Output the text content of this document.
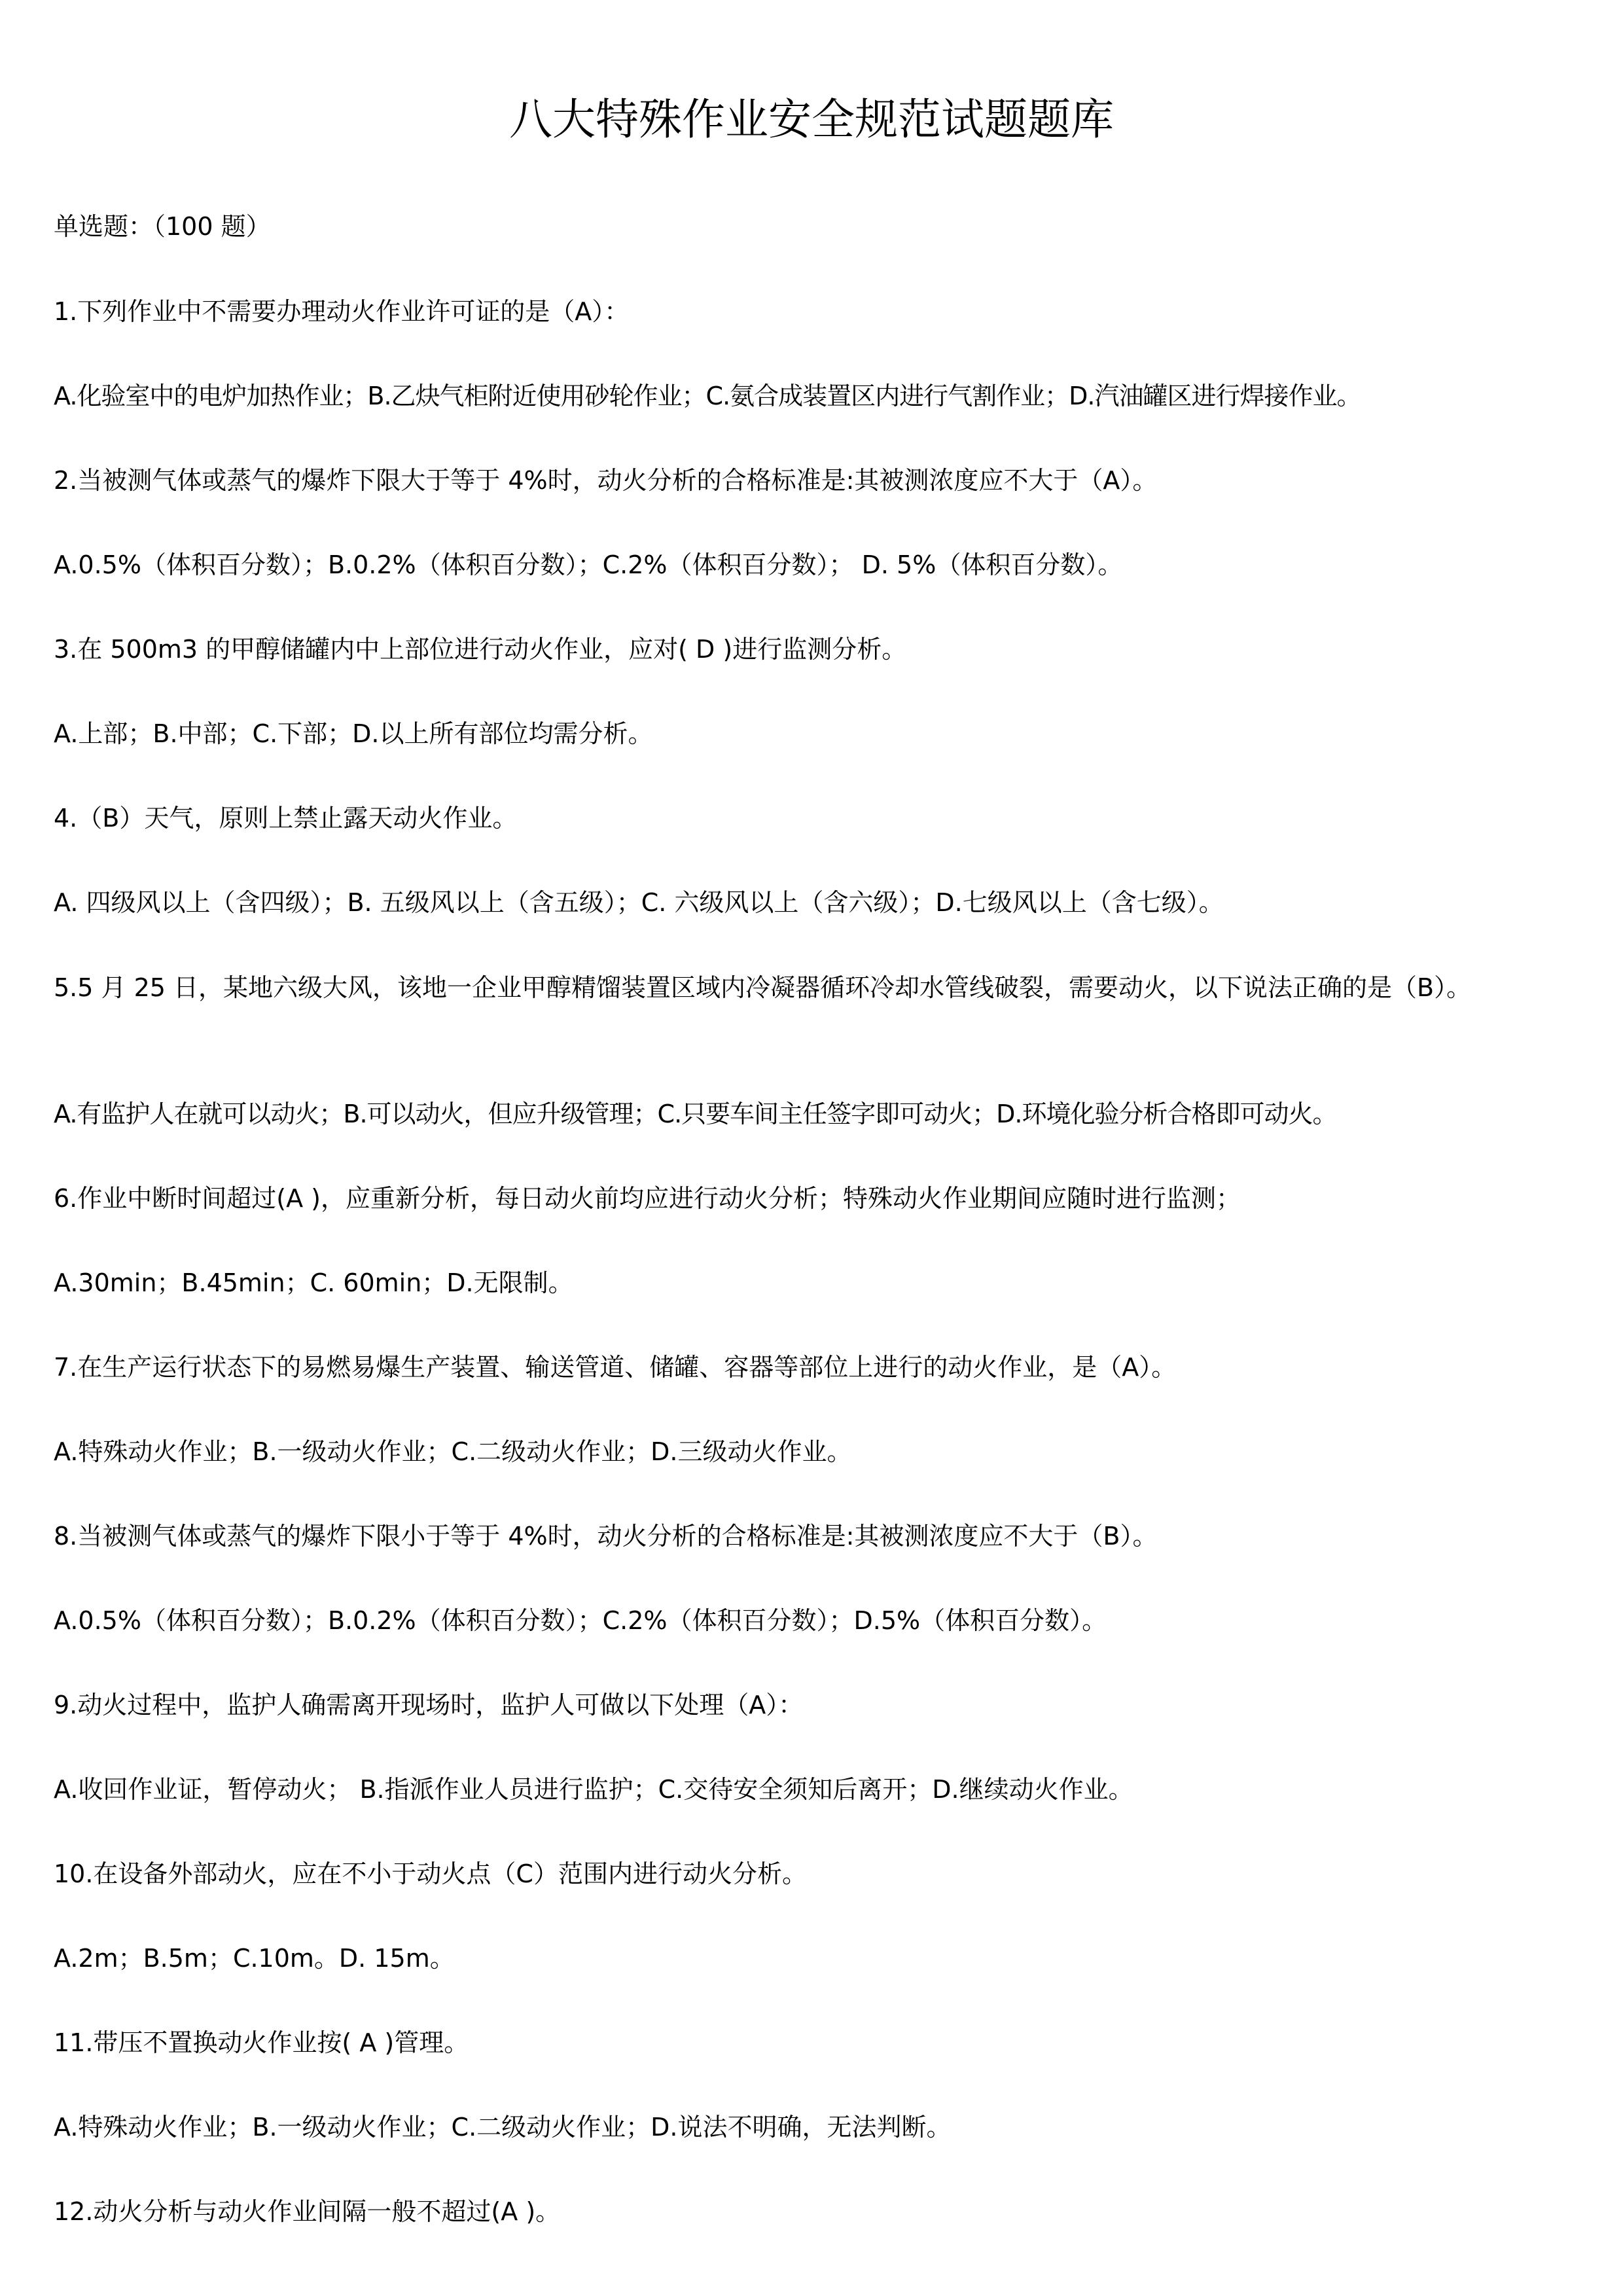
八大特殊作业安全规范试题题库
单选题：（100 题）
1.下列作业中不需要办理动火作业许可证的是（A）：
A.化验室中的电炉加热作业；B.乙炔气柜附近使用砂轮作业；C.氨合成装置区内进行气割作业；D.汽油罐区进行焊接作业。
2.当被测气体或蒸气的爆炸下限大于等于 4%时，动火分析的合格标准是:其被测浓度应不大于（A）。
A.0.5%（体积百分数）；B.0.2%（体积百分数）；C.2%（体积百分数）； D. 5%（体积百分数）。
3.在 500m3 的甲醇储罐内中上部位进行动火作业，应对( D )进行监测分析。
A.上部；B.中部；C.下部；D.以上所有部位均需分析。
4.（B）天气，原则上禁止露天动火作业。
A. 四级风以上（含四级）；B. 五级风以上（含五级）；C. 六级风以上（含六级）；D.七级风以上（含七级）。
5.5 月 25 日，某地六级大风，该地一企业甲醇精馏装置区域内冷凝器循环冷却水管线破裂，需要动火，以下说法正确的是（B）。
A.有监护人在就可以动火；B.可以动火，但应升级管理；C.只要车间主任签字即可动火；D.环境化验分析合格即可动火。
6.作业中断时间超过(A )，应重新分析，每日动火前均应进行动火分析；特殊动火作业期间应随时进行监测；
A.30min；B.45min；C. 60min；D.无限制。
7.在生产运行状态下的易燃易爆生产装置、输送管道、储罐、容器等部位上进行的动火作业，是（A）。
A.特殊动火作业；B.一级动火作业；C.二级动火作业；D.三级动火作业。
8.当被测气体或蒸气的爆炸下限小于等于 4%时，动火分析的合格标准是:其被测浓度应不大于（B）。
A.0.5%（体积百分数）；B.0.2%（体积百分数）；C.2%（体积百分数）；D.5%（体积百分数）。
9.动火过程中，监护人确需离开现场时，监护人可做以下处理（A）：
A.收回作业证，暂停动火； B.指派作业人员进行监护；C.交待安全须知后离开；D.继续动火作业。
10.在设备外部动火，应在不小于动火点（C）范围内进行动火分析。
A.2m；B.5m；C.10m。D. 15m。
11.带压不置换动火作业按( A )管理。
A.特殊动火作业；B.一级动火作业；C.二级动火作业；D.说法不明确，无法判断。
12.动火分析与动火作业间隔一般不超过(A )。
